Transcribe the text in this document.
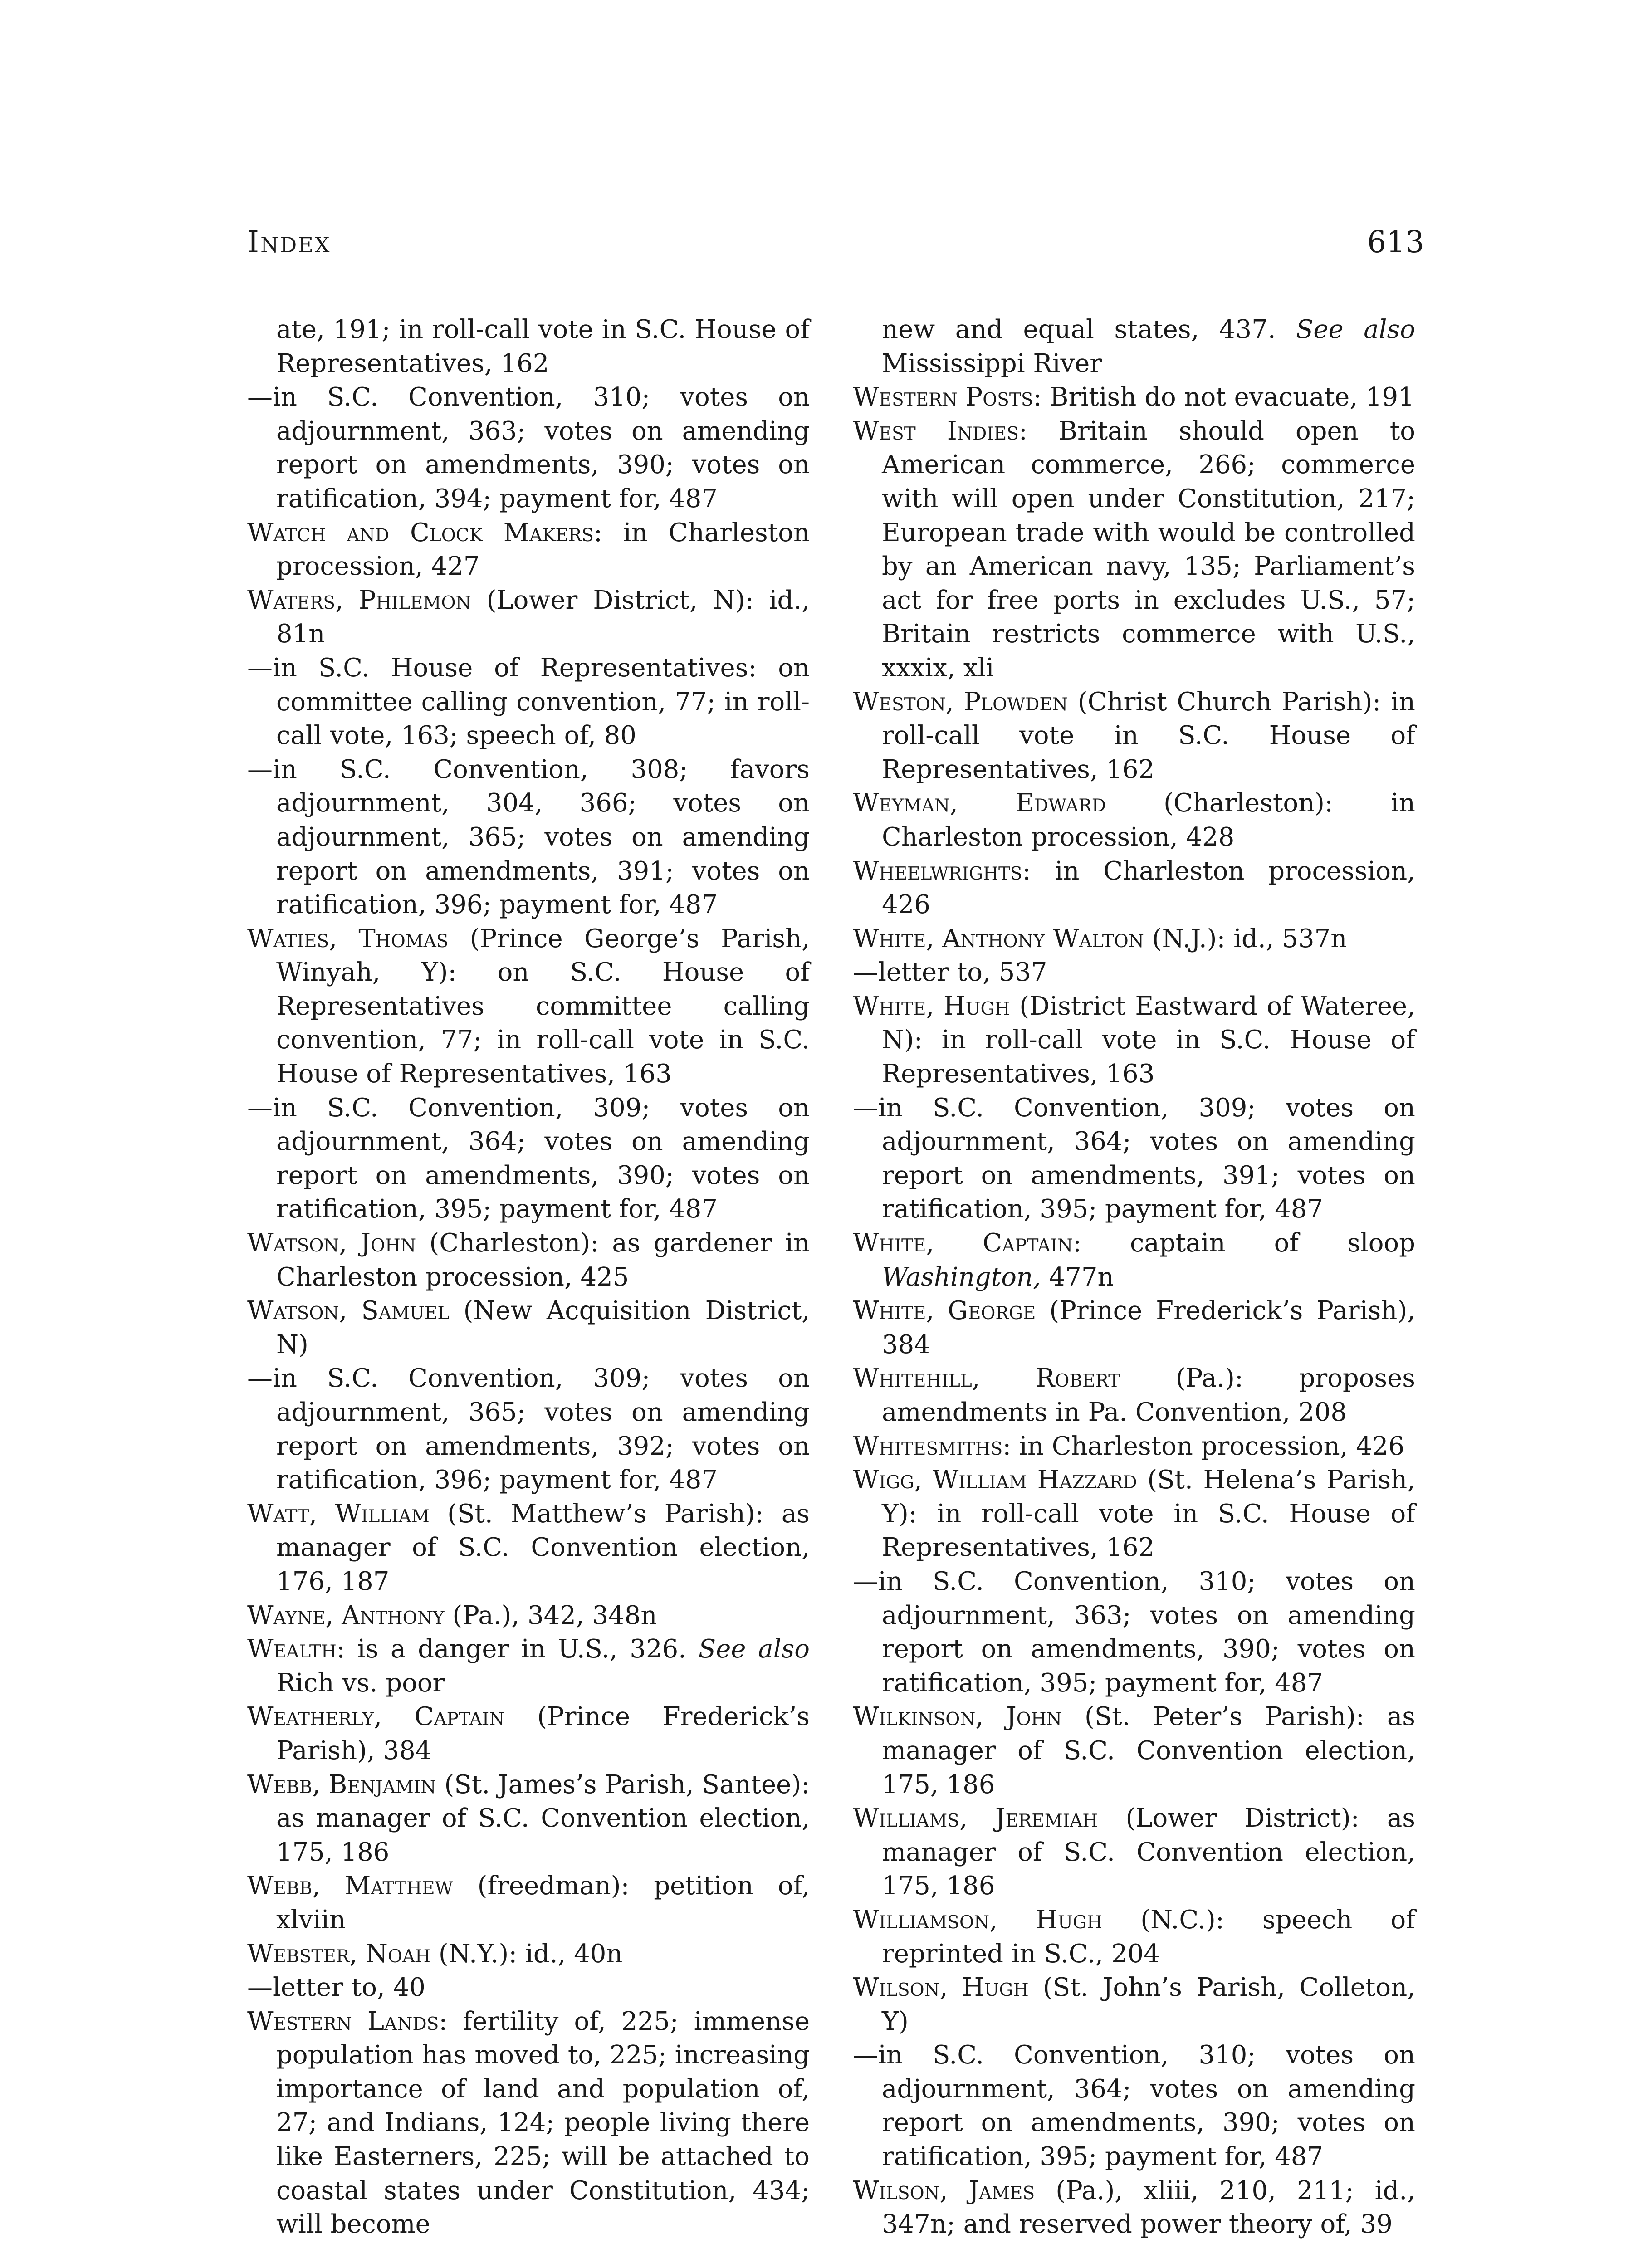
Index	613

ate, 191; in roll-call vote in S.C. House of Representatives, 162

—in S.C. Convention, 310; votes on adjournment, 363; votes on amending report on amendments, 390; votes on ratification, 394; payment for, 487

Watch and Clock Makers: in Charleston procession, 427

Waters, Philemon (Lower District, N): id., 81n

—in S.C. House of Representatives: on committee calling convention, 77; in roll-call vote, 163; speech of, 80

—in S.C. Convention, 308; favors adjournment, 304, 366; votes on adjournment, 365; votes on amending report on amendments, 391; votes on ratification, 396; payment for, 487

Waties, Thomas (Prince George’s Parish, Winyah, Y): on S.C. House of Representatives committee calling convention, 77; in roll-call vote in S.C. House of Representatives, 163

—in S.C. Convention, 309; votes on adjournment, 364; votes on amending report on amendments, 390; votes on ratification, 395; payment for, 487

Watson, John (Charleston): as gardener in Charleston procession, 425

Watson, Samuel (New Acquisition District, N)

—in S.C. Convention, 309; votes on adjournment, 365; votes on amending report on amendments, 392; votes on ratification, 396; payment for, 487

Watt, William (St. Matthew’s Parish): as manager of S.C. Convention election, 176, 187

Wayne, Anthony (Pa.), 342, 348n

Wealth: is a danger in U.S., 326. See also Rich vs. poor

Weatherly, Captain (Prince Frederick’s Parish), 384

Webb, Benjamin (St. James’s Parish, Santee): as manager of S.C. Convention election, 175, 186

Webb, Matthew (freedman): petition of, xlviin

Webster, Noah (N.Y.): id., 40n

—letter to, 40

Western Lands: fertility of, 225; immense population has moved to, 225; increasing importance of land and population of, 27; and Indians, 124; people living there like Easterners, 225; will be attached to coastal states under Constitution, 434; will become

new and equal states, 437. See also Mississippi River

Western Posts: British do not evacuate, 191

West Indies: Britain should open to American commerce, 266; commerce with will open under Constitution, 217; European trade with would be controlled by an American navy, 135; Parliament’s act for free ports in excludes U.S., 57; Britain restricts commerce with U.S., xxxix, xli

Weston, Plowden (Christ Church Parish): in roll-call vote in S.C. House of Representatives, 162

Weyman, Edward (Charleston): in Charleston procession, 428

Wheelwrights: in Charleston procession, 426

White, Anthony Walton (N.J.): id., 537n

—letter to, 537

White, Hugh (District Eastward of Wateree, N): in roll-call vote in S.C. House of Representatives, 163

—in S.C. Convention, 309; votes on adjournment, 364; votes on amending report on amendments, 391; votes on ratification, 395; payment for, 487

White, Captain: captain of sloop Washington, 477n

White, George (Prince Frederick’s Parish), 384

Whitehill, Robert (Pa.): proposes amendments in Pa. Convention, 208

Whitesmiths: in Charleston procession, 426

Wigg, William Hazzard (St. Helena’s Parish, Y): in roll-call vote in S.C. House of Representatives, 162

—in S.C. Convention, 310; votes on adjournment, 363; votes on amending report on amendments, 390; votes on ratification, 395; payment for, 487

Wilkinson, John (St. Peter’s Parish): as manager of S.C. Convention election, 175, 186

Williams, Jeremiah (Lower District): as manager of S.C. Convention election, 175, 186

Williamson, Hugh (N.C.): speech of reprinted in S.C., 204

Wilson, Hugh (St. John’s Parish, Colleton, Y)

—in S.C. Convention, 310; votes on adjournment, 364; votes on amending report on amendments, 390; votes on ratification, 395; payment for, 487

Wilson, James (Pa.), xliii, 210, 211; id., 347n; and reserved power theory of, 39
